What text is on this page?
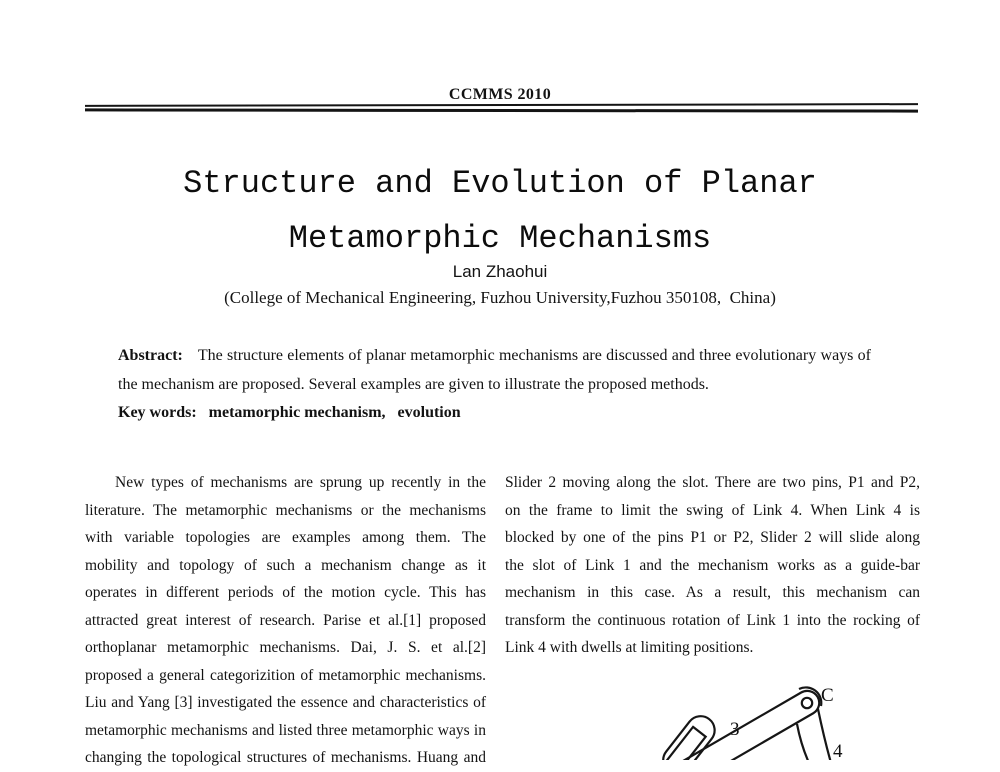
CCMMS 2010
Structure and Evolution of Planar
Metamorphic Mechanisms
Lan Zhaohui
(College of Mechanical Engineering, Fuzhou University,Fuzhou 350108,  China)

Abstract: The structure elements of planar metamorphic mechanisms are discussed and three evolutionary ways of the mechanism are proposed. Several examples are given to illustrate the proposed methods.

Key words:   metamorphic mechanism,   evolution

New types of mechanisms are sprung up recently in the
literature. The metamorphic mechanisms or the mechanisms
with variable topologies are examples among them. The
mobility and topology of such a mechanism change as it
operates in different periods of the motion cycle. This has
attracted great interest of research. Parise et al.[1] proposed
orthoplanar metamorphic mechanisms. Dai, J. S. et al.[2]
proposed a general categorizition of metamorphic mechanisms.
Liu and Yang [3] investigated the essence and characteristics of
metamorphic mechanisms and listed three metamorphic ways in
changing the topological structures of mechanisms. Huang and
Slider 2 moving along the slot. There are two pins, P1 and P2,
on the frame to limit the swing of Link 4. When Link 4 is
blocked by one of the pins P1 or P2, Slider 2 will slide along
the slot of Link 1 and the mechanism works as a guide-bar
mechanism in this case. As a result, this mechanism can
transform the continuous rotation of Link 1 into the rocking of
Link 4 with dwells at limiting positions.
3
C
4
